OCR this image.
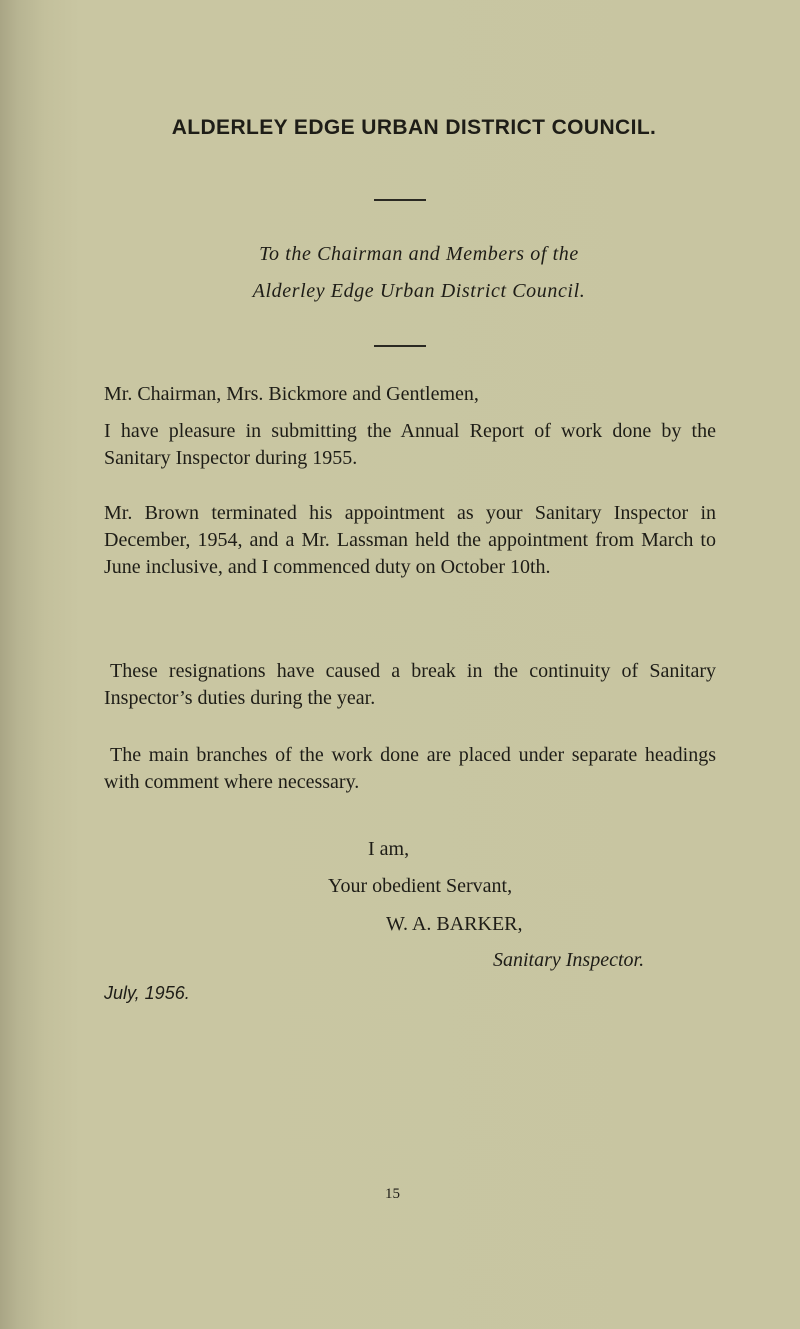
ALDERLEY EDGE URBAN DISTRICT COUNCIL.
To the Chairman and Members of the
Alderley Edge Urban District Council.

Mr. Chairman, Mrs. Bickmore and Gentlemen,

I have pleasure in submitting the Annual Report of work done by the Sanitary Inspector during 1955.

Mr. Brown terminated his appointment as your Sanitary Inspector in December, 1954, and a Mr. Lassman held the appointment from March to June inclusive, and I commenced duty on October 10th.

These resignations have caused a break in the continuity of Sanitary Inspector’s duties during the year.

The main branches of the work done are placed under separate headings with comment where necessary.

I am,
Your obedient Servant,
W. A. BARKER,
Sanitary Inspector.
July, 1956.
15
